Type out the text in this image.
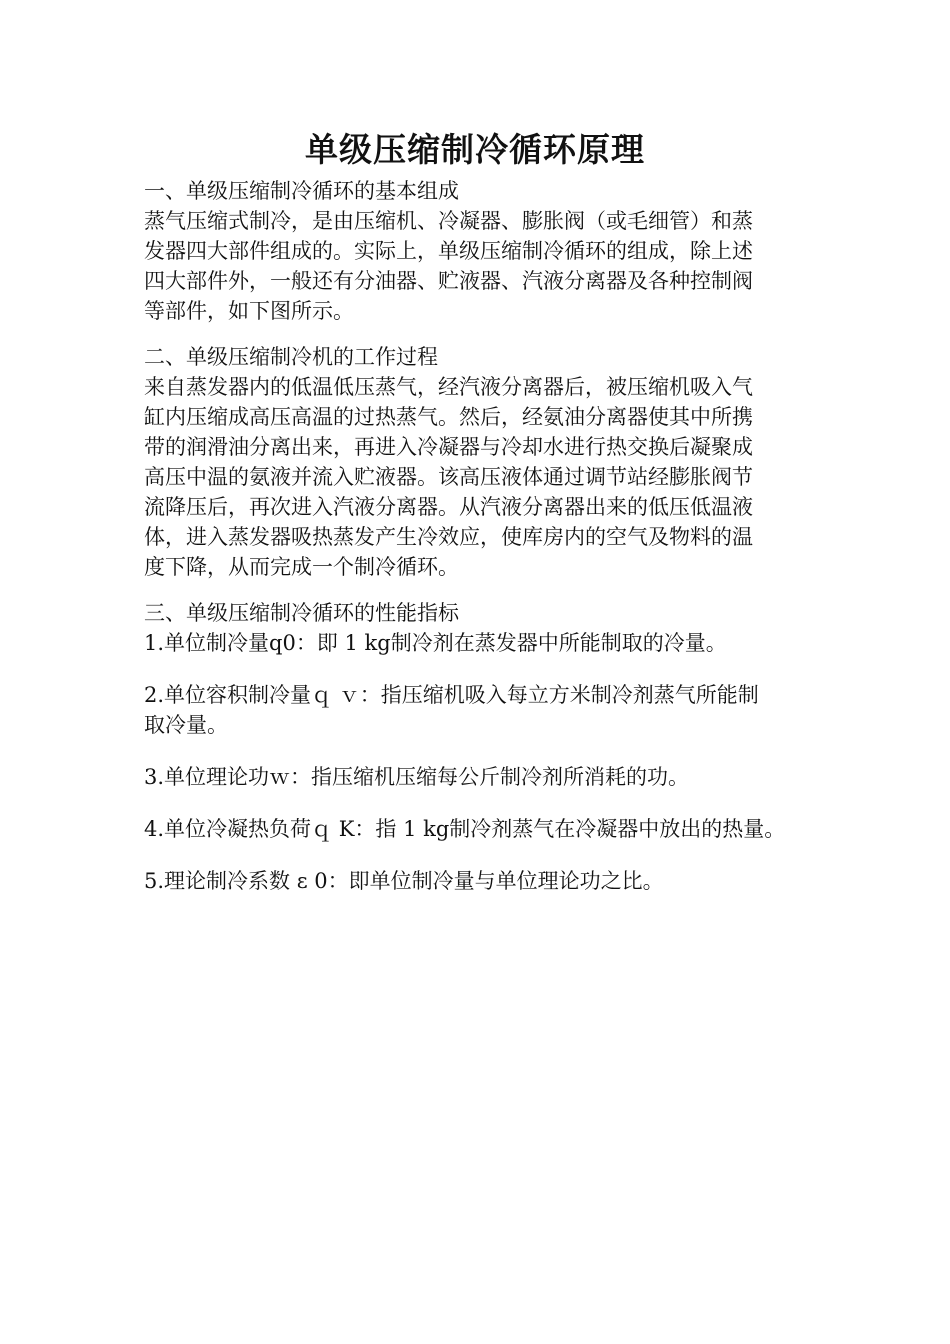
单级压缩制冷循环原理

一、单级压缩制冷循环的基本组成

蒸气压缩式制冷，是由压缩机、冷凝器、膨胀阀（或毛细管）和蒸

发器四大部件组成的。实际上，单级压缩制冷循环的组成，除上述

四大部件外，一般还有分油器、贮液器、汽液分离器及各种控制阀

等部件，如下图所示。

二、单级压缩制冷机的工作过程

来自蒸发器内的低温低压蒸气，经汽液分离器后，被压缩机吸入气

缸内压缩成高压高温的过热蒸气。然后，经氨油分离器使其中所携

带的润滑油分离出来，再进入冷凝器与冷却水进行热交换后凝聚成

高压中温的氨液并流入贮液器。该高压液体通过调节站经膨胀阀节

流降压后，再次进入汽液分离器。从汽液分离器出来的低压低温液

体，进入蒸发器吸热蒸发产生冷效应，使库房内的空气及物料的温

度下降，从而完成一个制冷循环。

三、单级压缩制冷循环的性能指标

1.单位制冷量q0：即 1 kg制冷剂在蒸发器中所能制取的冷量。

2.单位容积制冷量ｑ ｖ：指压缩机吸入每立方米制冷剂蒸气所能制

取冷量。

3.单位理论功ｗ：指压缩机压缩每公斤制冷剂所消耗的功。

4.单位冷凝热负荷ｑ K：指 1 kg制冷剂蒸气在冷凝器中放出的热量。

5.理论制冷系数 ε 0：即单位制冷量与单位理论功之比。
